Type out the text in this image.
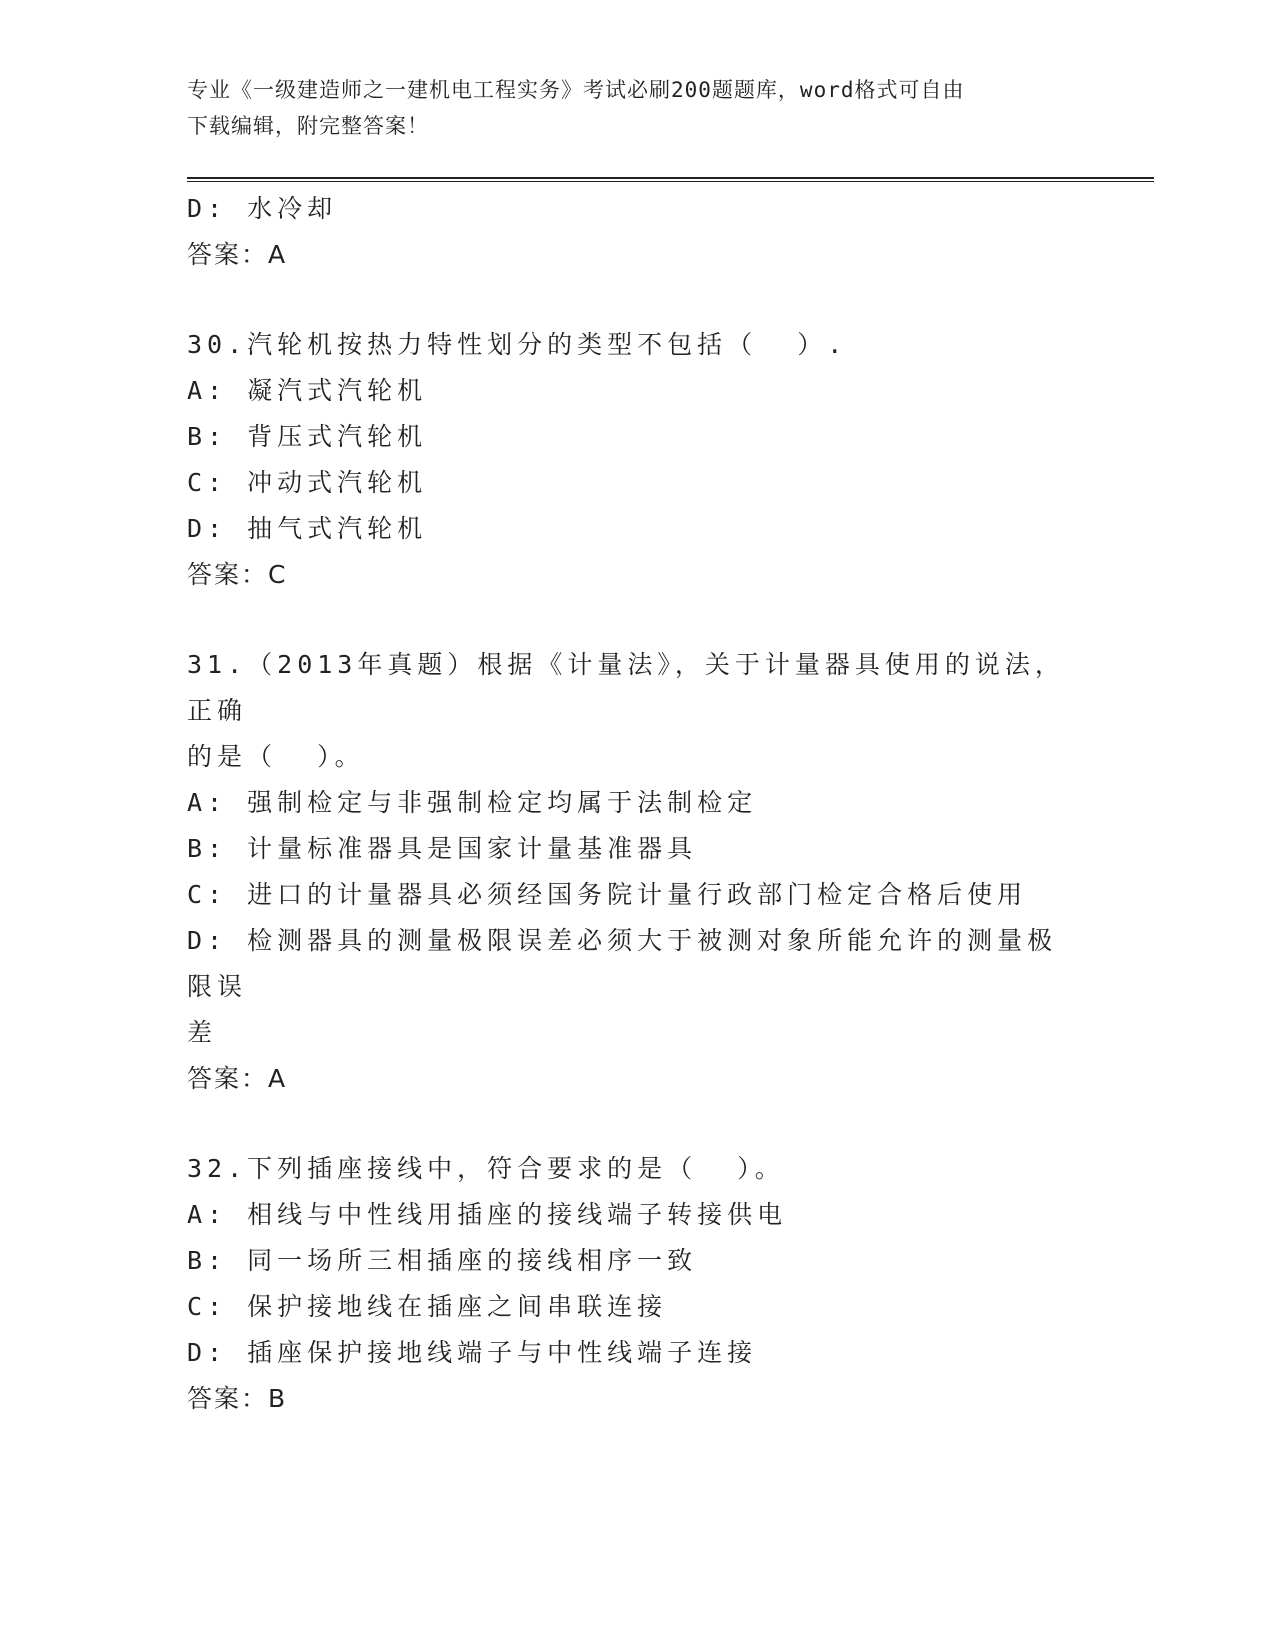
专业《一级建造师之一建机电工程实务》考试必刷200题题库，word格式可自由
下载编辑，附完整答案！

D: 水冷却

答案：A

30.汽轮机按热力特性划分的类型不包括（  ）.

A: 凝汽式汽轮机

B: 背压式汽轮机

C: 冲动式汽轮机

D: 抽气式汽轮机

答案：C

31.（2013年真题）根据《计量法》，关于计量器具使用的说法，正确

的是（  ）。

A: 强制检定与非强制检定均属于法制检定

B: 计量标准器具是国家计量基准器具

C: 进口的计量器具必须经国务院计量行政部门检定合格后使用

D: 检测器具的测量极限误差必须大于被测对象所能允许的测量极限误

差

答案：A

32.下列插座接线中，符合要求的是（  ）。

A: 相线与中性线用插座的接线端子转接供电

B: 同一场所三相插座的接线相序一致

C: 保护接地线在插座之间串联连接

D: 插座保护接地线端子与中性线端子连接

答案：B
